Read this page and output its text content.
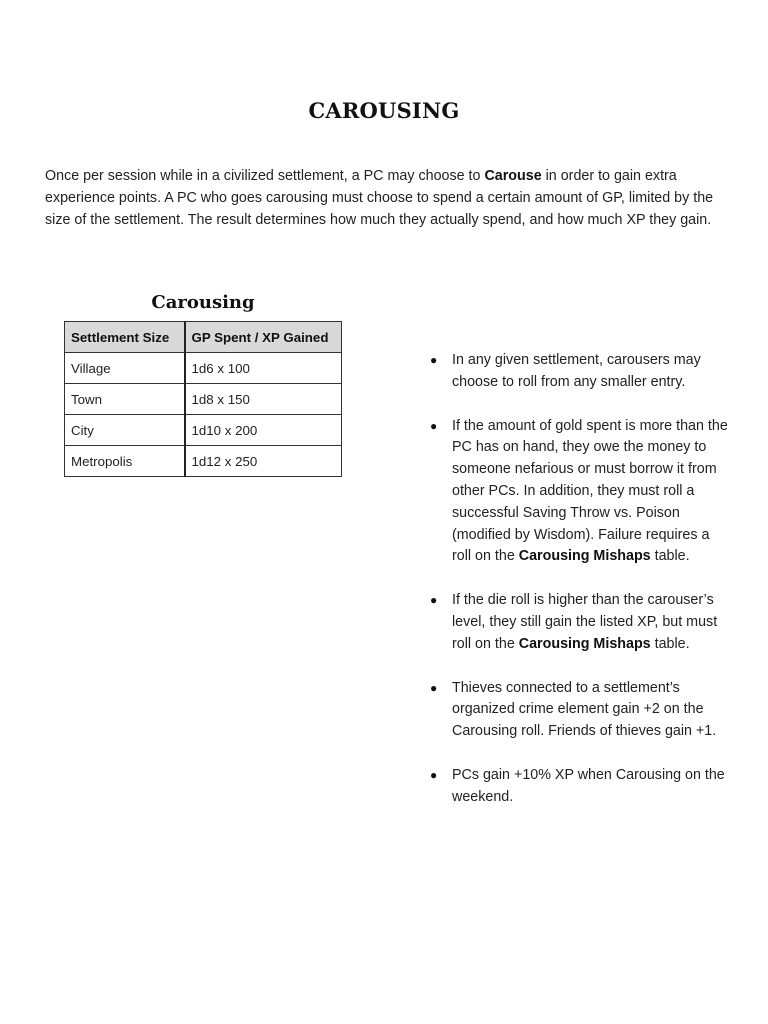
CAROUSING

Once per session while in a civilized settlement, a PC may choose to Carouse in order to gain extra experience points. A PC who goes carousing must choose to spend a certain amount of GP, limited by the size of the settlement. The result determines how much they actually spend, and how much XP they gain.

Carousing
Settlement Size	GP Spent / XP Gained
Village	1d6 x 100
Town	1d8 x 150
City	1d10 x 200
Metropolis	1d12 x 250
● In any given settlement, carousers may choose to roll from any smaller entry.
● If the amount of gold spent is more than the PC has on hand, they owe the money to someone nefarious or must borrow it from other PCs. In addition, they must roll a successful Saving Throw vs. Poison (modified by Wisdom). Failure requires a roll on the Carousing Mishaps table.
● If the die roll is higher than the carouser’s level, they still gain the listed XP, but must roll on the Carousing Mishaps table.
● Thieves connected to a settlement’s organized crime element gain +2 on the Carousing roll. Friends of thieves gain +1.
● PCs gain +10% XP when Carousing on the weekend.
